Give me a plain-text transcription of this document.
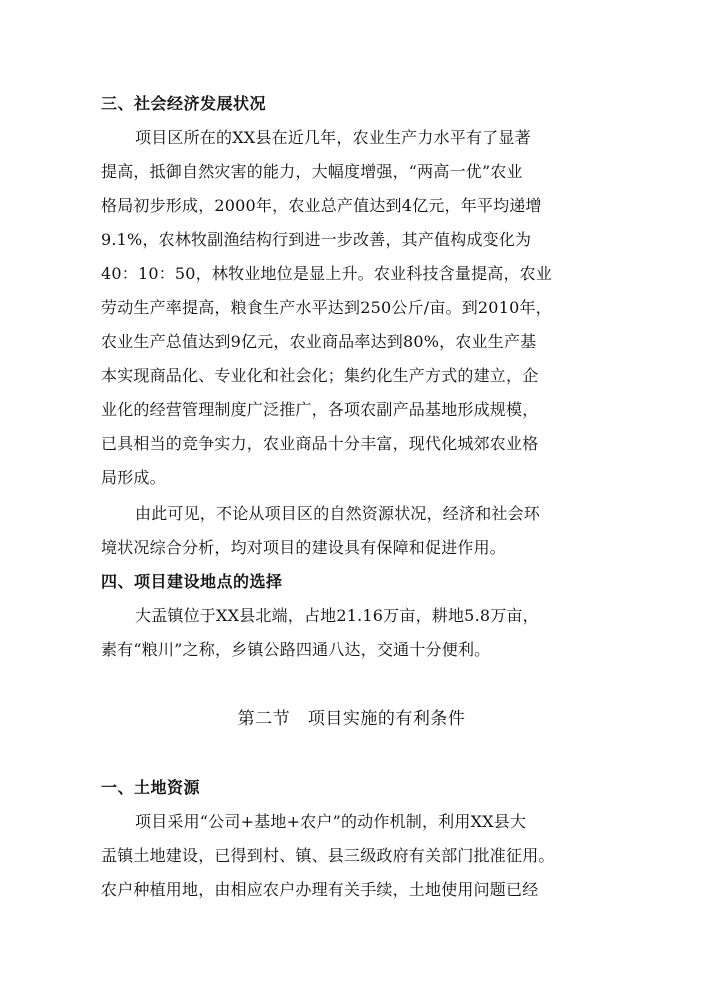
三、社会经济发展状况
项目区所在的XX县在近几年，农业生产力水平有了显著
提高，抵御自然灾害的能力，大幅度增强，“两高一优”农业
格局初步形成，2000年，农业总产值达到4亿元，年平均递增
9.1%，农林牧副渔结构行到进一步改善，其产值构成变化为
40：10：50，林牧业地位是显上升。农业科技含量提高，农业
劳动生产率提高，粮食生产水平达到250公斤/亩。到2010年，
农业生产总值达到9亿元，农业商品率达到80%，农业生产基
本实现商品化、专业化和社会化；集约化生产方式的建立，企
业化的经营管理制度广泛推广，各项农副产品基地形成规模，
已具相当的竞争实力，农业商品十分丰富，现代化城郊农业格
局形成。
由此可见，不论从项目区的自然资源状况，经济和社会环
境状况综合分析，均对项目的建设具有保障和促进作用。
四、项目建设地点的选择
大盂镇位于XX县北端，占地21.16万亩，耕地5.8万亩，
素有“粮川”之称，乡镇公路四通八达，交通十分便利。
第二节   项目实施的有利条件
一、土地资源
项目采用“公司+基地+农户”的动作机制，利用XX县大
盂镇土地建设，已得到村、镇、县三级政府有关部门批准征用。
农户种植用地，由相应农户办理有关手续，土地使用问题已经
